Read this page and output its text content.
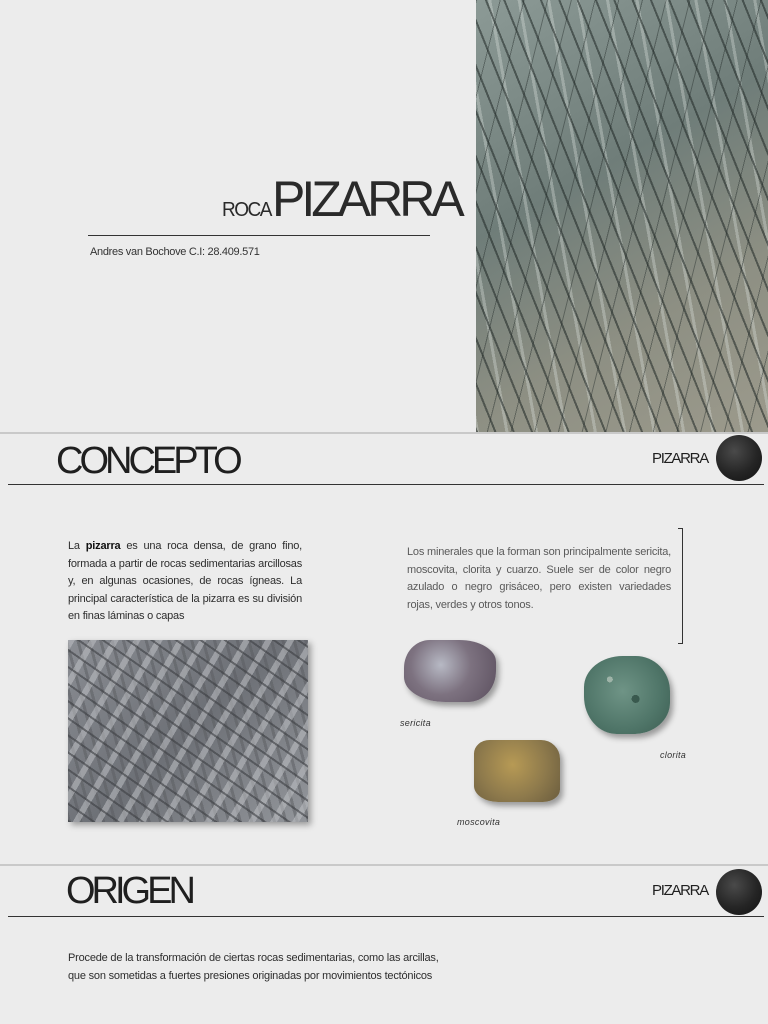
ROCA PIZARRA
Andres van Bochove C.I: 28.409.571
CONCEPTO	PIZARRA
La pizarra es una roca densa, de grano fino, formada a partir de rocas sedimentarias arcillosas y, en algunas ocasiones, de rocas ígneas. La principal característica de la pizarra es su división en finas láminas o capas
Los minerales que la forman son principalmente sericita, moscovita, clorita y cuarzo. Suele ser de color negro azulado o negro grisáceo, pero existen variedades rojas, verdes y otros tonos.
sericita
clorita
moscovita
ORIGEN	PIZARRA
Procede de la transformación de ciertas rocas sedimentarias, como las arcillas, que son sometidas a fuertes presiones originadas por movimientos tectónicos
